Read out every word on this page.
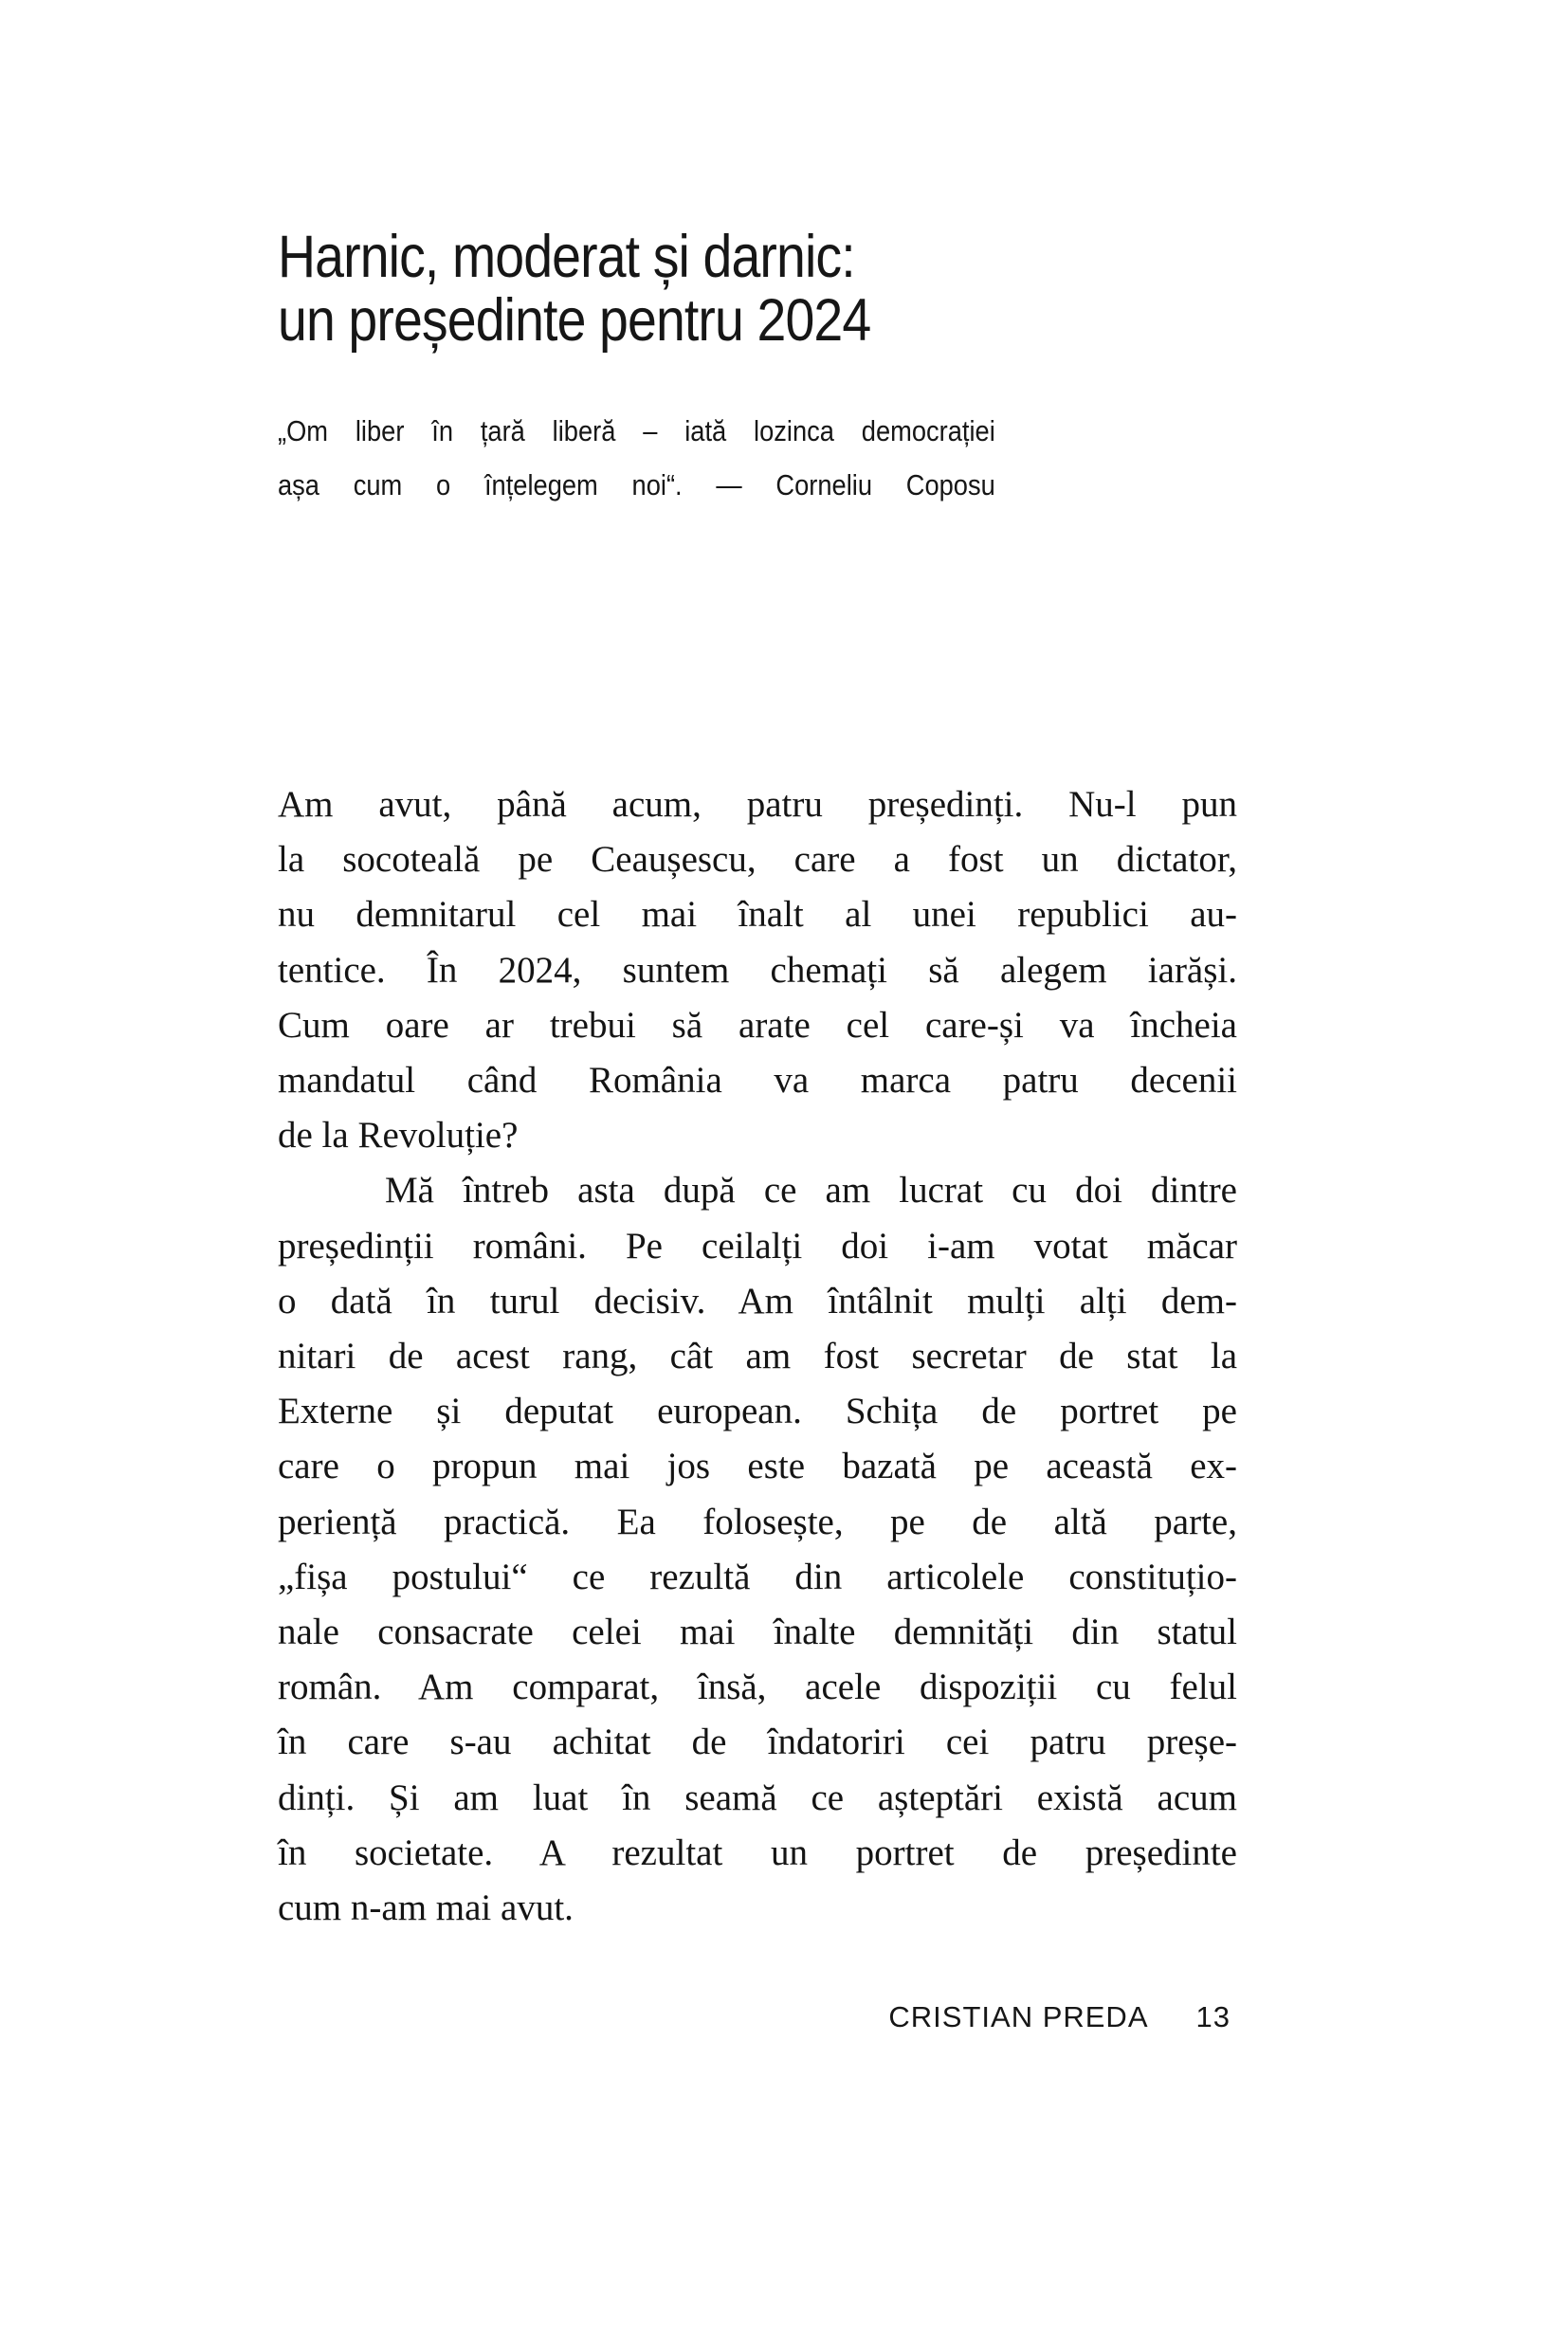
Harnic, moderat și darnic:
un președinte pentru 2024
„Om liber în țară liberă – iată lozinca democrației
așa cum o înțelegem noi“. — Corneliu Coposu
Am avut, până acum, patru președinți. Nu-l pun
la socoteală pe Ceaușescu, care a fost un dictator,
nu demnitarul cel mai înalt al unei republici au-
tentice. În 2024, suntem chemați să alegem iarăși.
Cum oare ar trebui să arate cel care-și va încheia
mandatul când România va marca patru decenii
de la Revoluție?
Mă întreb asta după ce am lucrat cu doi dintre
președinții români. Pe ceilalți doi i-am votat măcar
o dată în turul decisiv. Am întâlnit mulți alți dem-
nitari de acest rang, cât am fost secretar de stat la
Externe și deputat european. Schița de portret pe
care o propun mai jos este bazată pe această ex-
periență practică. Ea folosește, pe de altă parte,
„fișa postului“ ce rezultă din articolele constituțio-
nale consacrate celei mai înalte demnități din statul
român. Am comparat, însă, acele dispoziții cu felul
în care s-au achitat de îndatoriri cei patru preșe-
dinți. Și am luat în seamă ce așteptări există acum
în societate. A rezultat un portret de președinte
cum n-am mai avut.
CRISTIAN PREDA 13
